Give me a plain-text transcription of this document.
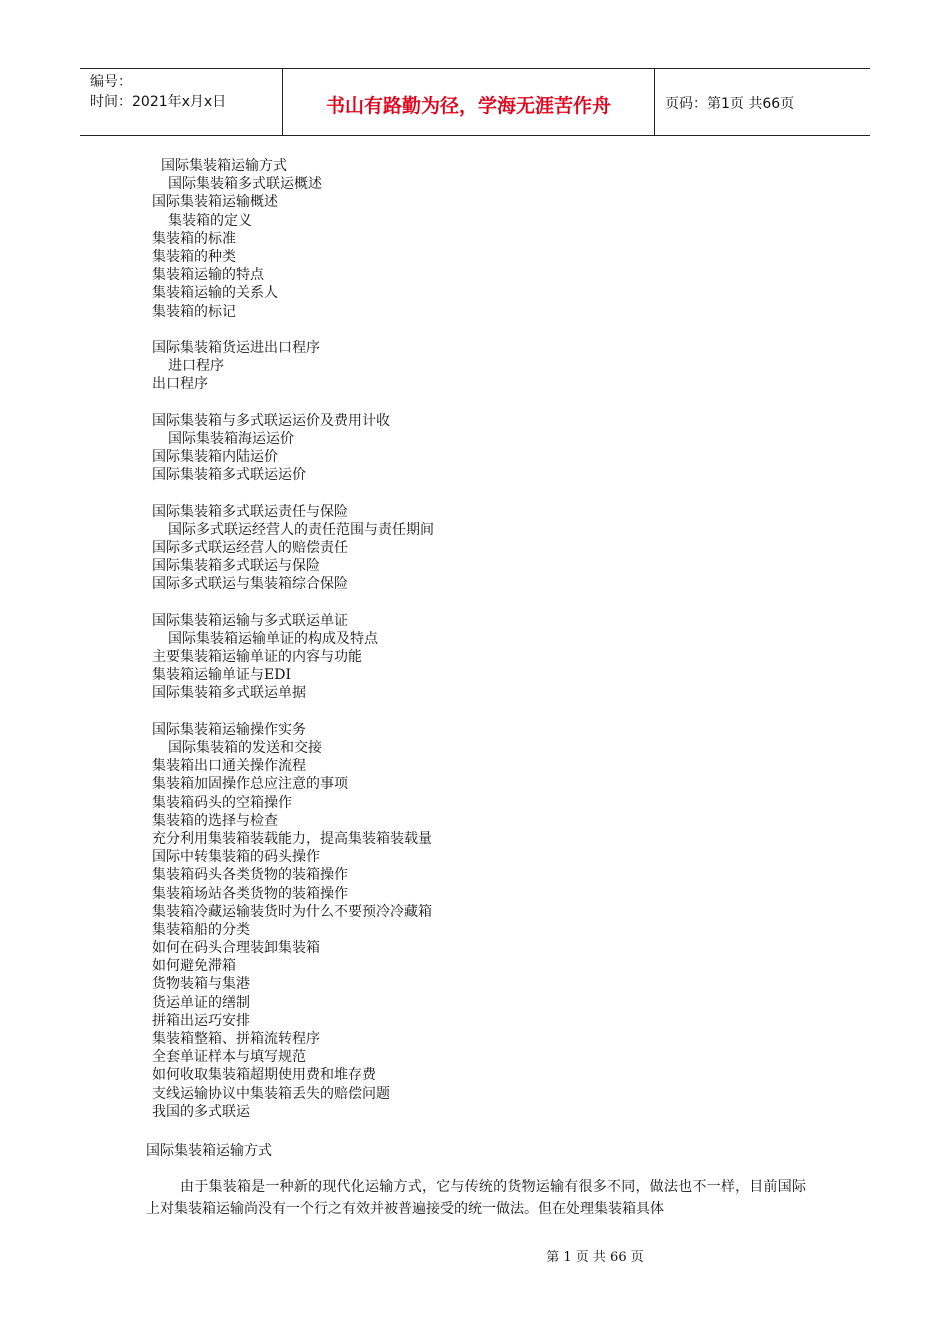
编号：
时间：2021年x月x日	书山有路勤为径，学海无涯苦作舟	页码：第1页 共66页
国际集装箱运输方式
国际集装箱多式联运概述
国际集装箱运输概述
集装箱的定义
集装箱的标准
集装箱的种类
集装箱运输的特点
集装箱运输的关系人
集装箱的标记
国际集装箱货运进出口程序
进口程序
出口程序
国际集装箱与多式联运运价及费用计收
国际集装箱海运运价
国际集装箱内陆运价
国际集装箱多式联运运价
国际集装箱多式联运责任与保险
国际多式联运经营人的责任范围与责任期间
国际多式联运经营人的赔偿责任
国际集装箱多式联运与保险
国际多式联运与集装箱综合保险
国际集装箱运输与多式联运单证
国际集装箱运输单证的构成及特点
主要集装箱运输单证的内容与功能
集装箱运输单证与EDI
国际集装箱多式联运单据
国际集装箱运输操作实务
国际集装箱的发送和交接
集装箱出口通关操作流程
集装箱加固操作总应注意的事项
集装箱码头的空箱操作
集装箱的选择与检查
充分利用集装箱装载能力，提高集装箱装载量
国际中转集装箱的码头操作
集装箱码头各类货物的装箱操作
集装箱场站各类货物的装箱操作
集装箱冷藏运输装货时为什么不要预冷冷藏箱
集装箱船的分类
如何在码头合理装卸集装箱
如何避免滞箱
货物装箱与集港
货运单证的缮制
拼箱出运巧安排
集装箱整箱、拼箱流转程序
全套单证样本与填写规范
如何收取集装箱超期使用费和堆存费
支线运输协议中集装箱丢失的赔偿问题
我国的多式联运
国际集装箱运输方式
由于集装箱是一种新的现代化运输方式，它与传统的货物运输有很多不同，做法也不一样，目前国际上对集装箱运输尚没有一个行之有效并被普遍接受的统一做法。但在处理集装箱具体
第 1 页 共 66 页
